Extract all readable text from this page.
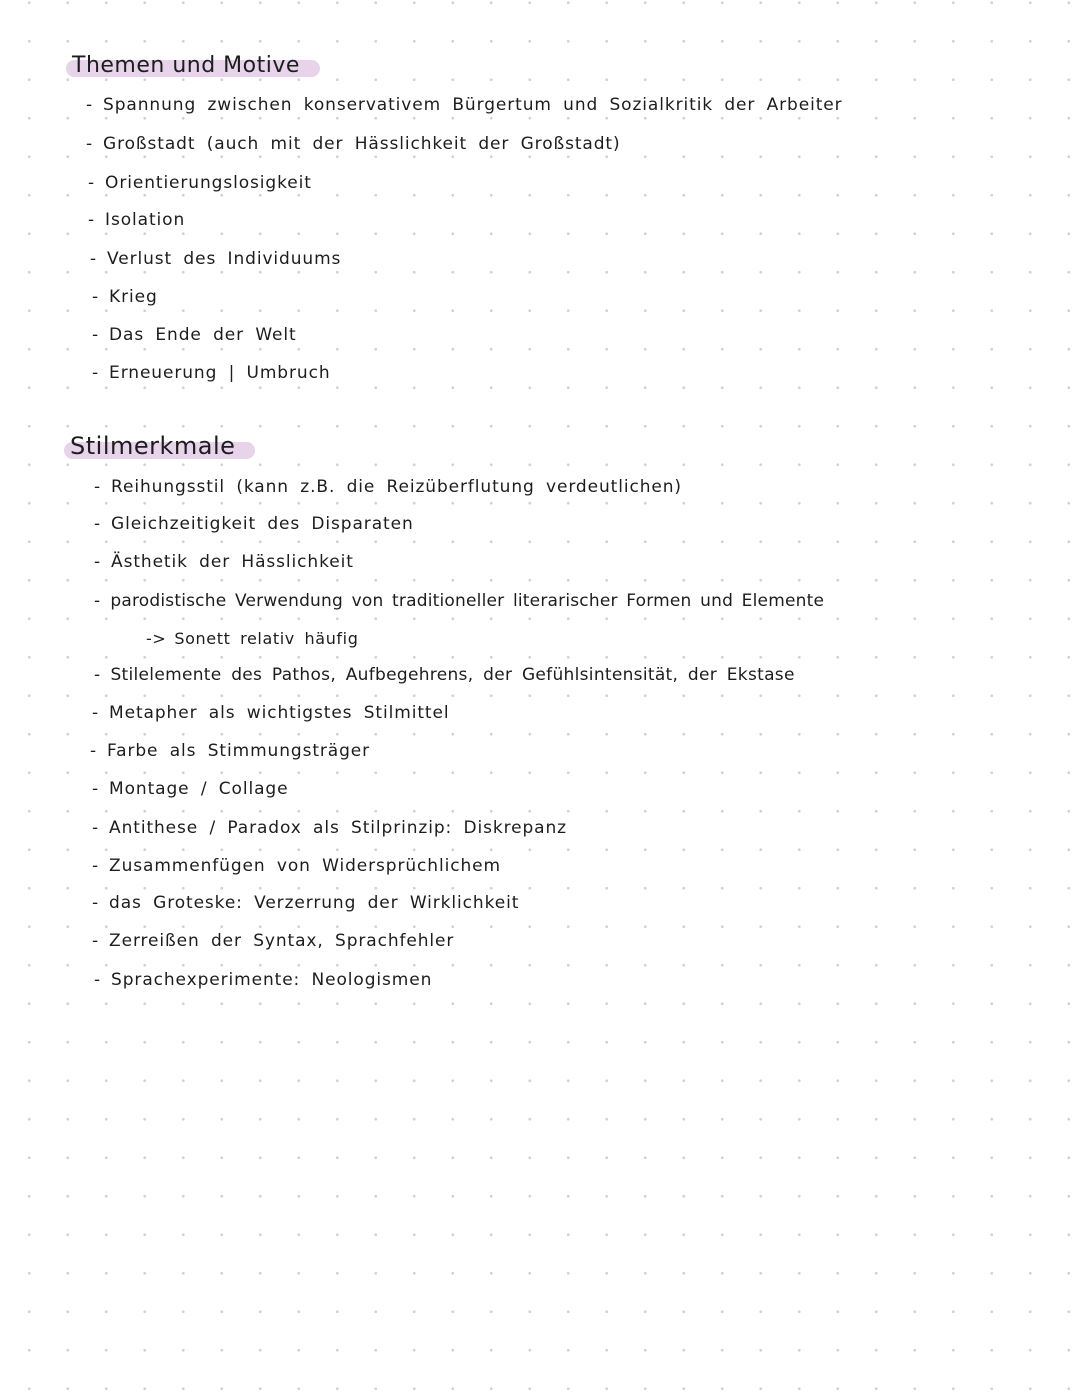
Themen und Motive
- Spannung zwischen konservativem Bürgertum und Sozialkritik der Arbeiter
- Großstadt (auch mit der Hässlichkeit der Großstadt)
- Orientierungslosigkeit
- Isolation
- Verlust des Individuums
- Krieg
- Das Ende der Welt
- Erneuerung | Umbruch
Stilmerkmale
- Reihungsstil (kann z.B. die Reizüberflutung verdeutlichen)
- Gleichzeitigkeit des Disparaten
- Ästhetik der Hässlichkeit
- parodistische Verwendung von traditioneller literarischer Formen und Elemente
-> Sonett relativ häufig
- Stilelemente des Pathos, Aufbegehrens, der Gefühlsintensität, der Ekstase
- Metapher als wichtigstes Stilmittel
- Farbe als Stimmungsträger
- Montage / Collage
- Antithese / Paradox als Stilprinzip: Diskrepanz
- Zusammenfügen von Widersprüchlichem
- das Groteske: Verzerrung der Wirklichkeit
- Zerreißen der Syntax, Sprachfehler
- Sprachexperimente: Neologismen
